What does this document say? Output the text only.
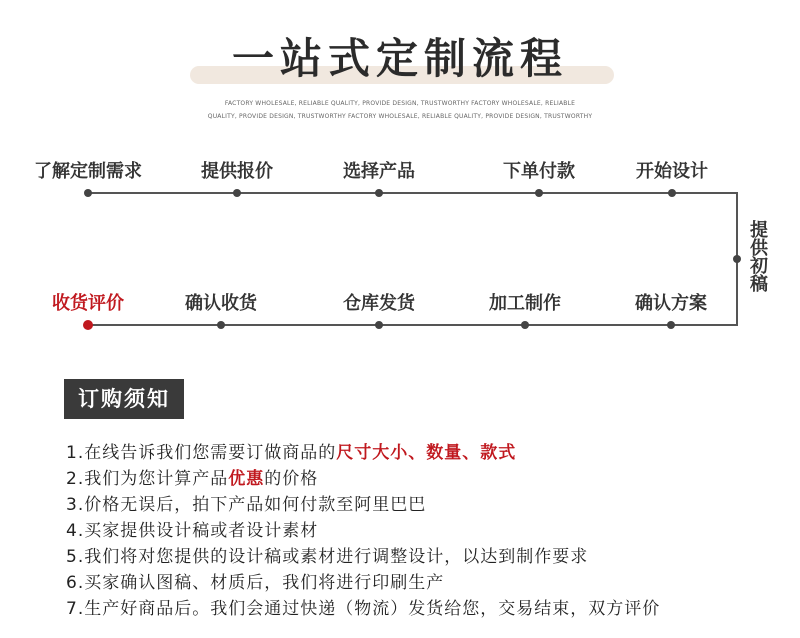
一站式定制流程
FACTORY WHOLESALE, RELIABLE QUALITY, PROVIDE DESIGN, TRUSTWORTHY FACTORY WHOLESALE, RELIABLE
QUALITY, PROVIDE DESIGN, TRUSTWORTHY FACTORY WHOLESALE, RELIABLE QUALITY, PROVIDE DESIGN, TRUSTWORTHY
了解定制需求	提供报价	选择产品	下单付款	开始设计
收货评价	确认收货	仓库发货	加工制作	确认方案
提供初稿
订购须知
1.在线告诉我们您需要订做商品的尺寸大小、数量、款式
2.我们为您计算产品优惠的价格
3.价格无误后，拍下产品如何付款至阿里巴巴
4.买家提供设计稿或者设计素材
5.我们将对您提供的设计稿或素材进行调整设计，以达到制作要求
6.买家确认图稿、材质后，我们将进行印刷生产
7.生产好商品后。我们会通过快递（物流）发货给您，交易结束，双方评价
